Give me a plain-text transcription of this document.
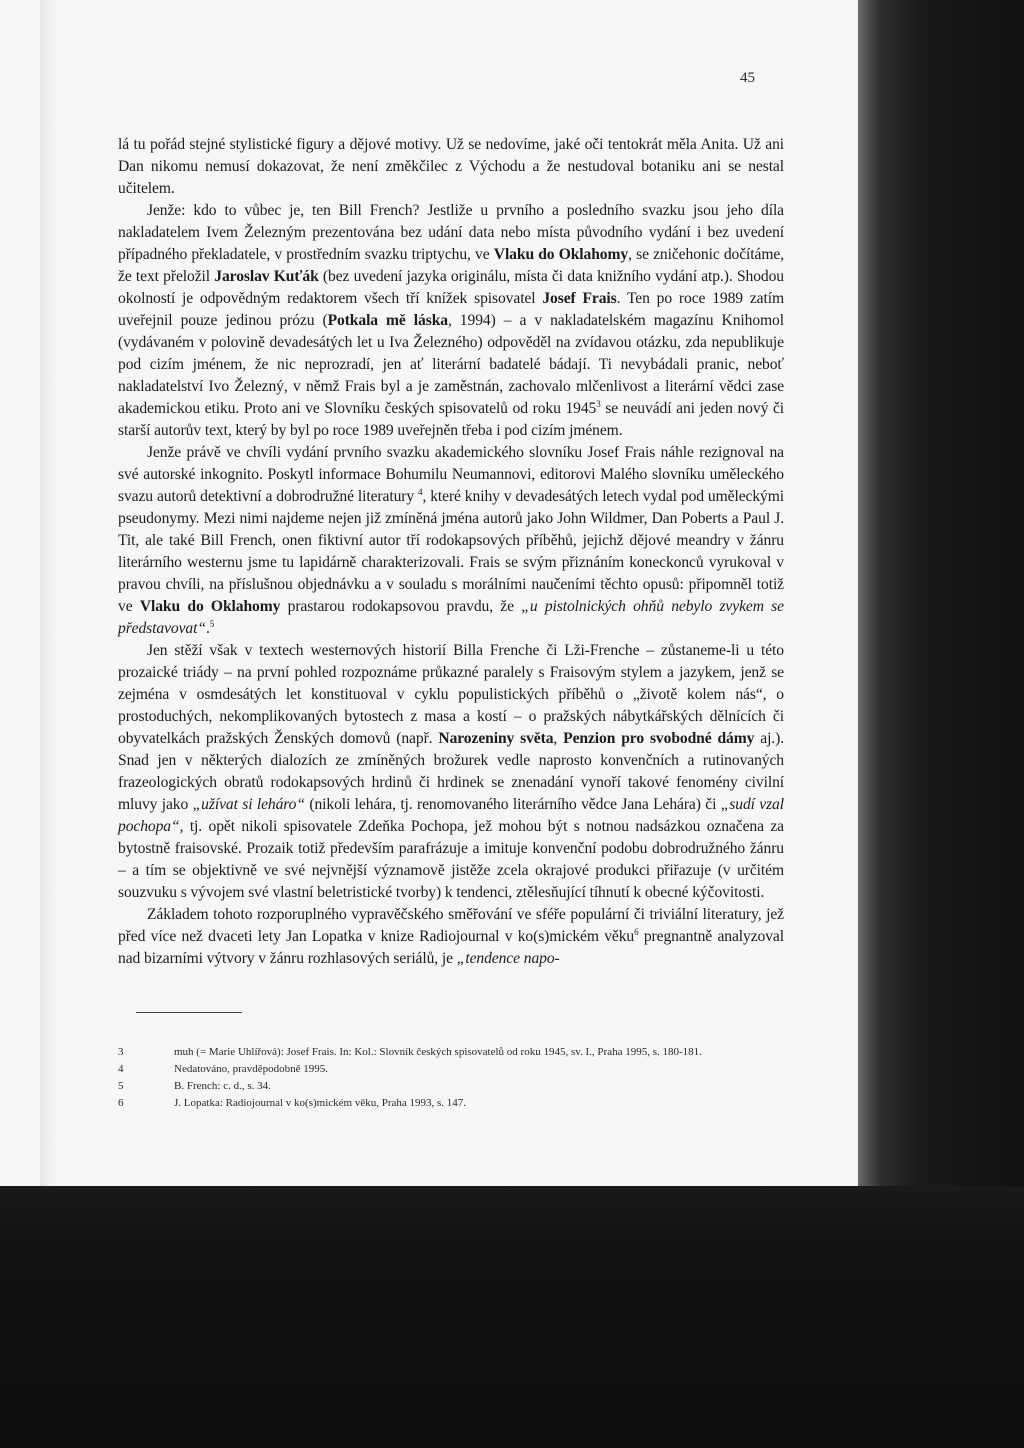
45

lá tu pořád stejné stylistické figury a dějové motivy. Už se nedovíme, jaké oči tentokrát měla Anita. Už ani Dan nikomu nemusí dokazovat, že není změkčilec z Východu a že nestudoval botaniku ani se nestal učitelem.

Jenže: kdo to vůbec je, ten Bill French? Jestliže u prvního a posledního svazku jsou jeho díla nakladatelem Ivem Železným prezentována bez udání data nebo místa původního vydání i bez uvedení případného překladatele, v prostředním svazku triptychu, ve Vlaku do Oklahomy, se zničehonic dočítáme, že text přeložil Jaroslav Kuťák (bez uvedení jazyka originálu, místa či data knižního vydání atp.). Shodou okolností je odpovědným redaktorem všech tří knížek spisovatel Josef Frais. Ten po roce 1989 zatím uveřejnil pouze jedinou prózu (Potkala mě láska, 1994) – a v nakladatelském magazínu Knihomol (vydávaném v polovině devadesátých let u Iva Železného) odpověděl na zvídavou otázku, zda nepublikuje pod cizím jménem, že nic neprozradí, jen ať literární badatelé bádají. Ti nevybádali pranic, neboť nakladatelství Ivo Železný, v němž Frais byl a je zaměstnán, zachovalo mlčenlivost a literární vědci zase akademickou etiku. Proto ani ve Slovníku českých spisovatelů od roku 1945$^3$ se neuvádí ani jeden nový či starší autorův text, který by byl po roce 1989 uveřejněn třeba i pod cizím jménem.

Jenže právě ve chvíli vydání prvního svazku akademického slovníku Josef Frais náhle rezignoval na své autorské inkognito. Poskytl informace Bohumilu Neumannovi, editorovi Malého slovníku uměleckého svazu autorů detektivní a dobrodružné literatury $^4$, které knihy v devadesátých letech vydal pod uměleckými pseudonymy. Mezi nimi najdeme nejen již zmíněná jména autorů jako John Wildmer, Dan Poberts a Paul J. Tit, ale také Bill French, onen fiktivní autor tří rodokapsových příběhů, jejichž dějové meandry v žánru literárního westernu jsme tu lapidárně charakterizovali. Frais se svým přiznáním koneckonců vyrukoval v pravou chvíli, na příslušnou objednávku a v souladu s morálními naučeními těchto opusů: připomněl totiž ve Vlaku do Oklahomy prastarou rodokapsovou pravdu, že „u pistolnických ohňů nebylo zvykem se představovat“.$^5$

Jen stěží však v textech westernových historií Billa Frenche či Lži-Frenche – zůstaneme-li u této prozaické triády – na první pohled rozpoznáme průkazné paralely s Fraisovým stylem a jazykem, jenž se zejména v osmdesátých let konstituoval v cyklu populistických příběhů o „životě kolem nás“, o prostoduchých, nekomplikovaných bytostech z masa a kostí – o pražských nábytkářských dělnících či obyvatelkách pražských Ženských domovů (např. Narozeniny světa, Penzion pro svobodné dámy aj.). Snad jen v některých dialozích ze zmíněných brožurek vedle naprosto konvenčních a rutinovaných frazeologických obratů rodokapsových hrdinů či hrdinek se znenadání vynoří takové fenomény civilní mluvy jako „užívat si leháro“ (nikoli lehára, tj. renomovaného literárního vědce Jana Lehára) či „sudí vzal pochopa“, tj. opět nikoli spisovatele Zdeňka Pochopa, jež mohou být s notnou nadsázkou označena za bytostně fraisovské. Prozaik totiž především parafrázuje a imituje konvenční podobu dobrodružného žánru – a tím se objektivně ve své nejvnější významově jistěže zcela okrajové produkci přiřazuje (v určitém souzvuku s vývojem své vlastní beletristické tvorby) k tendenci, ztělesňující tíhnutí k obecné kýčovitosti.

Základem tohoto rozporuplného vypravěčského směřování ve sféře populární či triviální literatury, jež před více než dvaceti lety Jan Lopatka v knize Radiojournal v ko(s)mickém věku$^6$ pregnantně analyzoval nad bizarními výtvory v žánru rozhlasových seriálů, je „tendence napo-

3	muh (= Marie Uhlířová): Josef Frais. In: Kol.: Slovník českých spisovatelů od roku 1945, sv. I., Praha 1995, s. 180-181.
4	Nedatováno, pravděpodobně 1995.
5	B. French: c. d., s. 34.
6	J. Lopatka: Radiojournal v ko(s)mickém věku, Praha 1993, s. 147.
